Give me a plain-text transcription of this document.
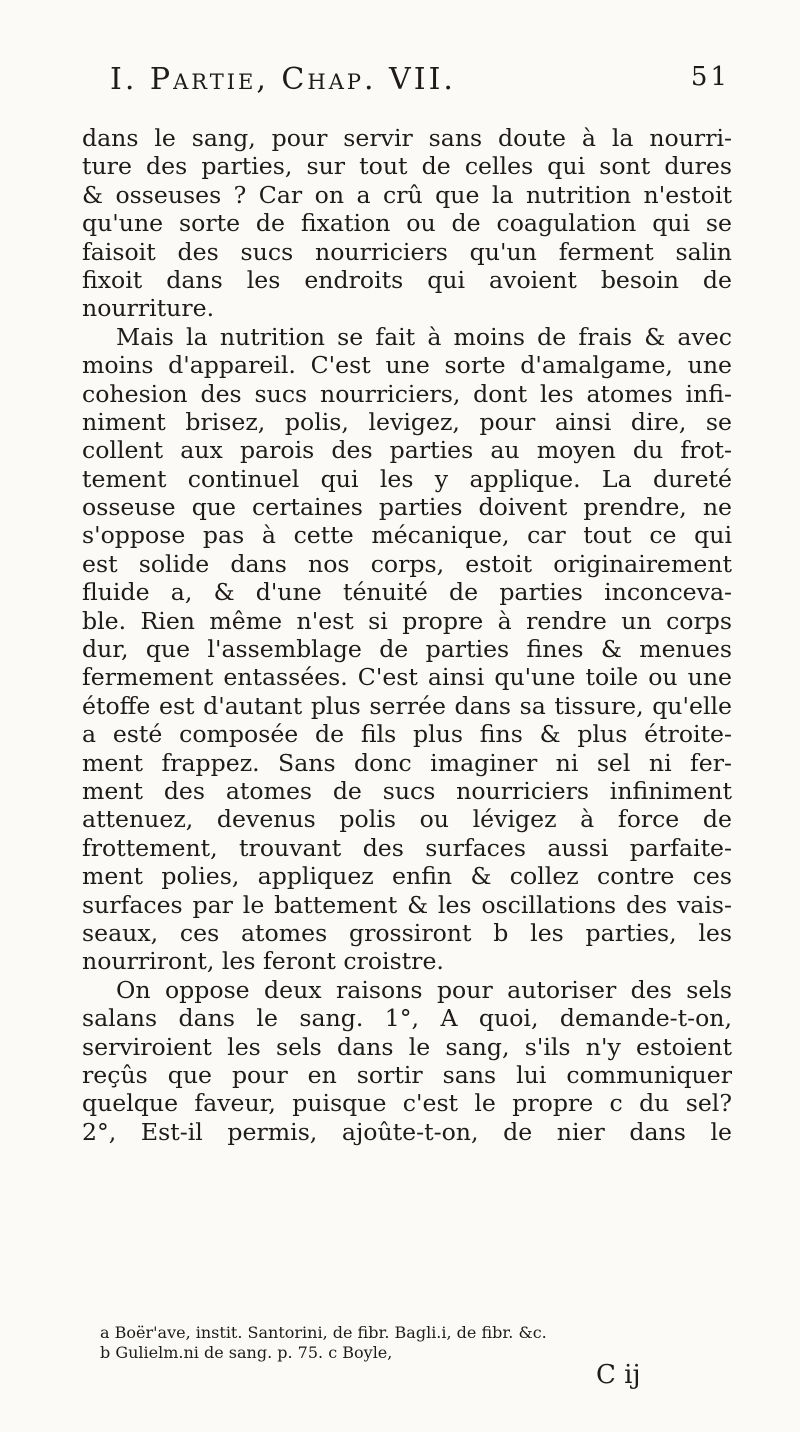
I. Partie, Chap. VII.	51
dans le sang, pour servir sans doute à la nourri-
ture des parties, sur tout de celles qui sont dures
& osseuses ? Car on a crû que la nutrition n'estoit
qu'une sorte de fixation ou de coagulation qui se
faisoit des sucs nourriciers qu'un ferment salin
fixoit dans les endroits qui avoient besoin de
nourriture.
Mais la nutrition se fait à moins de frais & avec
moins d'appareil. C'est une sorte d'amalgame, une
cohesion des sucs nourriciers, dont les atomes infi-
niment brisez, polis, levigez, pour ainsi dire, se
collent aux parois des parties au moyen du frot-
tement continuel qui les y applique. La dureté
osseuse que certaines parties doivent prendre, ne
s'oppose pas à cette mécanique, car tout ce qui
est solide dans nos corps, estoit originairement
fluide a, & d'une ténuité de parties inconceva-
ble. Rien même n'est si propre à rendre un corps
dur, que l'assemblage de parties fines & menues
fermement entassées. C'est ainsi qu'une toile ou une
étoffe est d'autant plus serrée dans sa tissure, qu'elle
a esté composée de fils plus fins & plus étroite-
ment frappez. Sans donc imaginer ni sel ni fer-
ment des atomes de sucs nourriciers infiniment
attenuez, devenus polis ou lévigez à force de
frottement, trouvant des surfaces aussi parfaite-
ment polies, appliquez enfin & collez contre ces
surfaces par le battement & les oscillations des vais-
seaux, ces atomes grossiront b les parties, les
nourriront, les feront croistre.
On oppose deux raisons pour autoriser des sels
salans dans le sang. 1°, A quoi, demande-t-on,
serviroient les sels dans le sang, s'ils n'y estoient
reçûs que pour en sortir sans lui communiquer
quelque faveur, puisque c'est le propre c du sel?
2°, Est-il permis, ajoûte-t-on, de nier dans le
a Boër'ave, instit. Santorini, de fibr. Bagli.i, de fibr. &c.
b Gulielm.ni de sang. p. 75. c Boyle,
C ij
